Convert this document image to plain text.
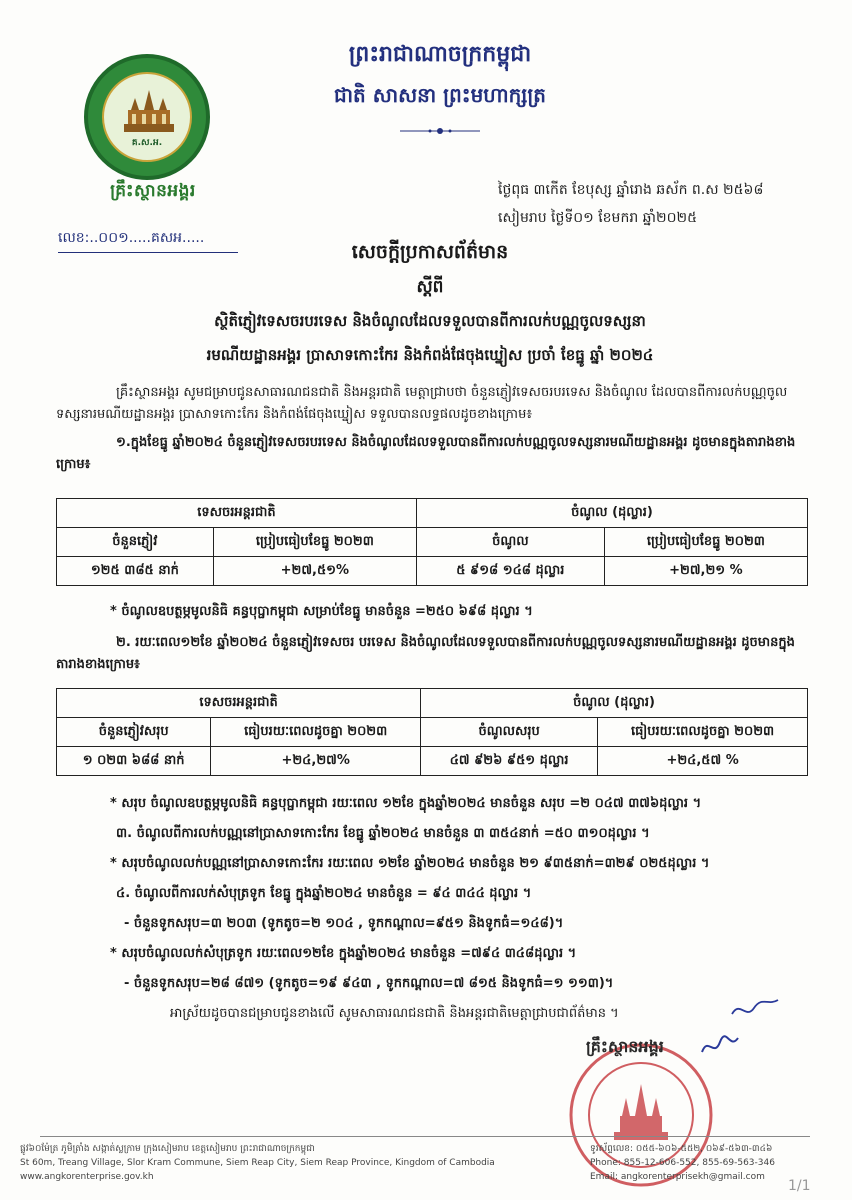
គ.ស.អ.
គ្រឹះស្ថានអង្គរ
លេខ:..០០១.....គសអ.....
ព្រះរាជាណាចក្រកម្ពុជា
ជាតិ សាសនា ព្រះមហាក្សត្រ
ថ្ងៃពុធ ៣កើត ខែបុស្ស ឆ្នាំរោង ឆស័ក ព.ស ២៥៦៨
សៀមរាប ថ្ងៃទី០១ ខែមករា ឆ្នាំ២០២៥
សេចក្តីប្រកាសព័ត៌មាន
ស្តីពី
ស្ថិតិភ្ញៀវទេសចរបរទេស និងចំណូលដែលទទួលបានពីការលក់បណ្ណចូលទស្សនា
រមណីយដ្ឋានអង្គរ ប្រាសាទកោះកែរ និងកំពង់ផែចុងឃ្នៀស ប្រចាំ ខែធ្នូ ឆ្នាំ ២០២៤
គ្រឹះស្ថានអង្គរ សូមជម្រាបជូនសាធារណជនជាតិ និងអន្តរជាតិ មេត្តាជ្រាបថា ចំនួនភ្ញៀវទេសចរបរទេស និងចំណូល ដែលបានពីការលក់បណ្ណចូលទស្សនារមណីយដ្ឋានអង្គរ ប្រាសាទកោះកែរ និងកំពង់ផែចុងឃ្នៀស ទទួលបានលទ្ធផលដូចខាងក្រោម៖
១.ក្នុងខែធ្នូ ឆ្នាំ២០២៤ ចំនួនភ្ញៀវទេសចរបរទេស និងចំណូលដែលទទួលបានពីការលក់បណ្ណចូលទស្សនារមណីយដ្ឋានអង្គរ ដូចមានក្នុងតារាងខាងក្រោម៖
ទេសចរអន្តរជាតិ		ចំណូល (ដុល្លារ)	
ចំនួនភ្ញៀវ	ប្រៀបធៀបខែធ្នូ ២០២៣	ចំណូល	ប្រៀបធៀបខែធ្នូ ២០២៣
១២៥ ៣៨៥ នាក់	+២៧,៥១%	៥ ៩១៨ ១៤៨ ដុល្លារ	+២៧,២១ %
* ចំណូលឧបត្ថម្ភមូលនិធិ គន្ធបុប្ផាកម្ពុជា សម្រាប់ខែធ្នូ មានចំនួន =២៥០ ៦៩៨ ដុល្លារ ។
២. រយៈពេល១២ខែ ឆ្នាំ២០២៤ ចំនួនភ្ញៀវទេសចរ បរទេស និងចំណូលដែលទទួលបានពីការលក់បណ្ណចូលទស្សនារមណីយដ្ឋានអង្គរ ដូចមានក្នុងតារាងខាងក្រោម៖
ទេសចរអន្តរជាតិ		ចំណូល (ដុល្លារ)	
ចំនួនភ្ញៀវសរុប	ធៀបរយៈពេលដូចគ្នា ២០២៣	ចំណូលសរុប	ធៀបរយៈពេលដូចគ្នា ២០២៣
១ ០២៣ ៦៨៨ នាក់	+២៤,២៧%	៤៧ ៩២៦ ៩៥១ ដុល្លារ	+២៤,៥៧ %
* សរុប ចំណូលឧបត្ថម្ភមូលនិធិ គន្ធបុប្ផាកម្ពុជា រយៈពេល ១២ខែ ក្នុងឆ្នាំ២០២៤ មានចំនួន សរុប =២ ០៤៧ ៣៧៦ដុល្លារ ។
៣. ចំណូលពីការលក់បណ្ណនៅប្រាសាទកោះកែរ ខែធ្នូ ឆ្នាំ២០២៤ មានចំនួន ៣ ៣៥៤នាក់ =៥០ ៣១០ដុល្លារ ។
* សរុបចំណូលលក់បណ្ណនៅប្រាសាទកោះកែរ រយៈពេល ១២ខែ ឆ្នាំ២០២៤ មានចំនួន ២១ ៩៣៥នាក់=៣២៩ ០២៥ដុល្លារ ។
៤. ចំណូលពីការលក់សំបុត្រទូក ខែធ្នូ ក្នុងឆ្នាំ២០២៤ មានចំនួន = ៩៤ ៣៤៤ ដុល្លារ ។
- ចំនួនទូកសរុប=៣ ២០៣ (ទូកតូច=២ ១០៤ , ទូកកណ្តាល=៩៥១ និងទូកធំ=១៤៨)។
* សរុបចំណូលលក់សំបុត្រទូក រយៈពេល១២ខែ ក្នុងឆ្នាំ២០២៤ មានចំនួន =៧៩៤ ៣៤៨ដុល្លារ ។
- ចំនួនទូកសរុប=២៨ ៨៧១ (ទូកតូច=១៩ ៩៤៣ , ទូកកណ្តាល=៧ ៨១៥ និងទូកធំ=១ ១១៣)។
អាស្រ័យដូចបានជម្រាបជូនខាងលើ សូមសាធារណជនជាតិ និងអន្តរជាតិមេត្តាជ្រាបជាព័ត៌មាន ។
គ្រឹះស្ថានអង្គរ
ផ្លូវ៦០ម៉ែត្រ ភូមិត្រាំង សង្កាត់ស្លក្រាម ក្រុងសៀមរាប ខេត្តសៀមរាប ព្រះរាជាណាចក្រកម្ពុជា
St 60m, Treang Village, Slor Kram Commune, Siem Reap City, Siem Reap Province, Kingdom of Cambodia
www.angkorenterprise.gov.kh
ទូរស័ព្ទលេខ: ០៥៥-៦០៦-៥៥២, ០៦៩-៥៦៣-៣៤៦
Phone: 855-12-606-552, 855-69-563-346
Email: angkorenterprisekh@gmail.com
1/1
